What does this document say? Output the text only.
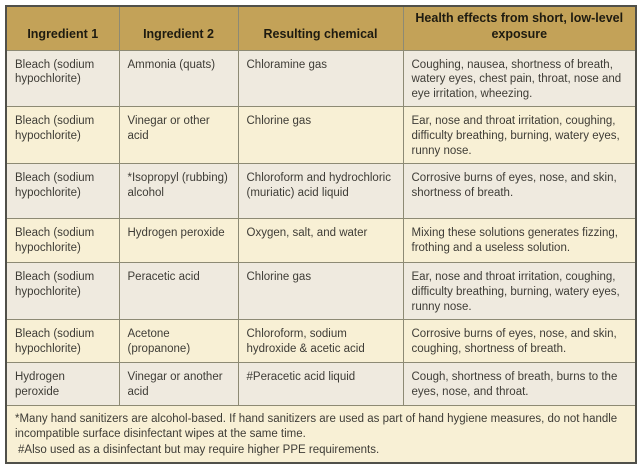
Ingredient 1	Ingredient 2	Resulting chemical	Health effects from short, low-level exposure
Bleach (sodium hypochlorite)	Ammonia (quats)	Chloramine gas	Coughing, nausea, shortness of breath, watery eyes, chest pain, throat, nose and eye irritation, wheezing.
Bleach (sodium hypochlorite)	Vinegar or other acid	Chlorine gas	Ear, nose and throat irritation, coughing, difficulty breathing, burning, watery eyes, runny nose.
Bleach (sodium hypochlorite)	*Isopropyl (rubbing) alcohol	Chloroform and hydrochloric (muriatic) acid liquid	Corrosive burns of eyes, nose, and skin, shortness of breath.
Bleach (sodium hypochlorite)	Hydrogen peroxide	Oxygen, salt, and water	Mixing these solutions generates fizzing, frothing and a useless solution.
Bleach (sodium hypochlorite)	Peracetic acid	Chlorine gas	Ear, nose and throat irritation, coughing, difficulty breathing, burning, watery eyes, runny nose.
Bleach (sodium hypochlorite)	Acetone (propanone)	Chloroform, sodium hydroxide & acetic acid	Corrosive burns of eyes, nose, and skin, coughing, shortness of breath.
Hydrogen peroxide	Vinegar or another acid	#Peracetic acid liquid	Cough, shortness of breath, burns to the eyes, nose, and throat.

*Many hand sanitizers are alcohol-based. If hand sanitizers are used as part of hand hygiene measures, do not handle incompatible surface disinfectant wipes at the same time.

#Also used as a disinfectant but may require higher PPE requirements.			
